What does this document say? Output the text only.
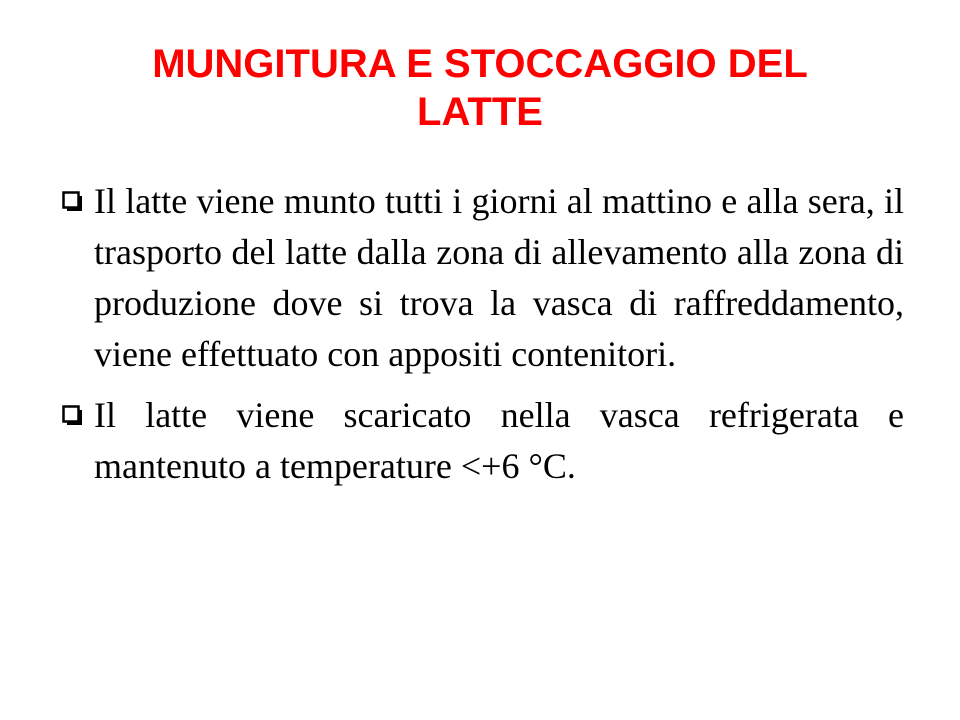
MUNGITURA E STOCCAGGIO DEL
LATTE
Il latte viene munto tutti i giorni al mattino e alla sera, il trasporto del latte dalla zona di allevamento alla zona di produzione dove si trova la vasca di raffreddamento, viene effettuato con appositi contenitori.
Il latte viene scaricato nella vasca refrigerata e mantenuto a temperature <+6 °C.
